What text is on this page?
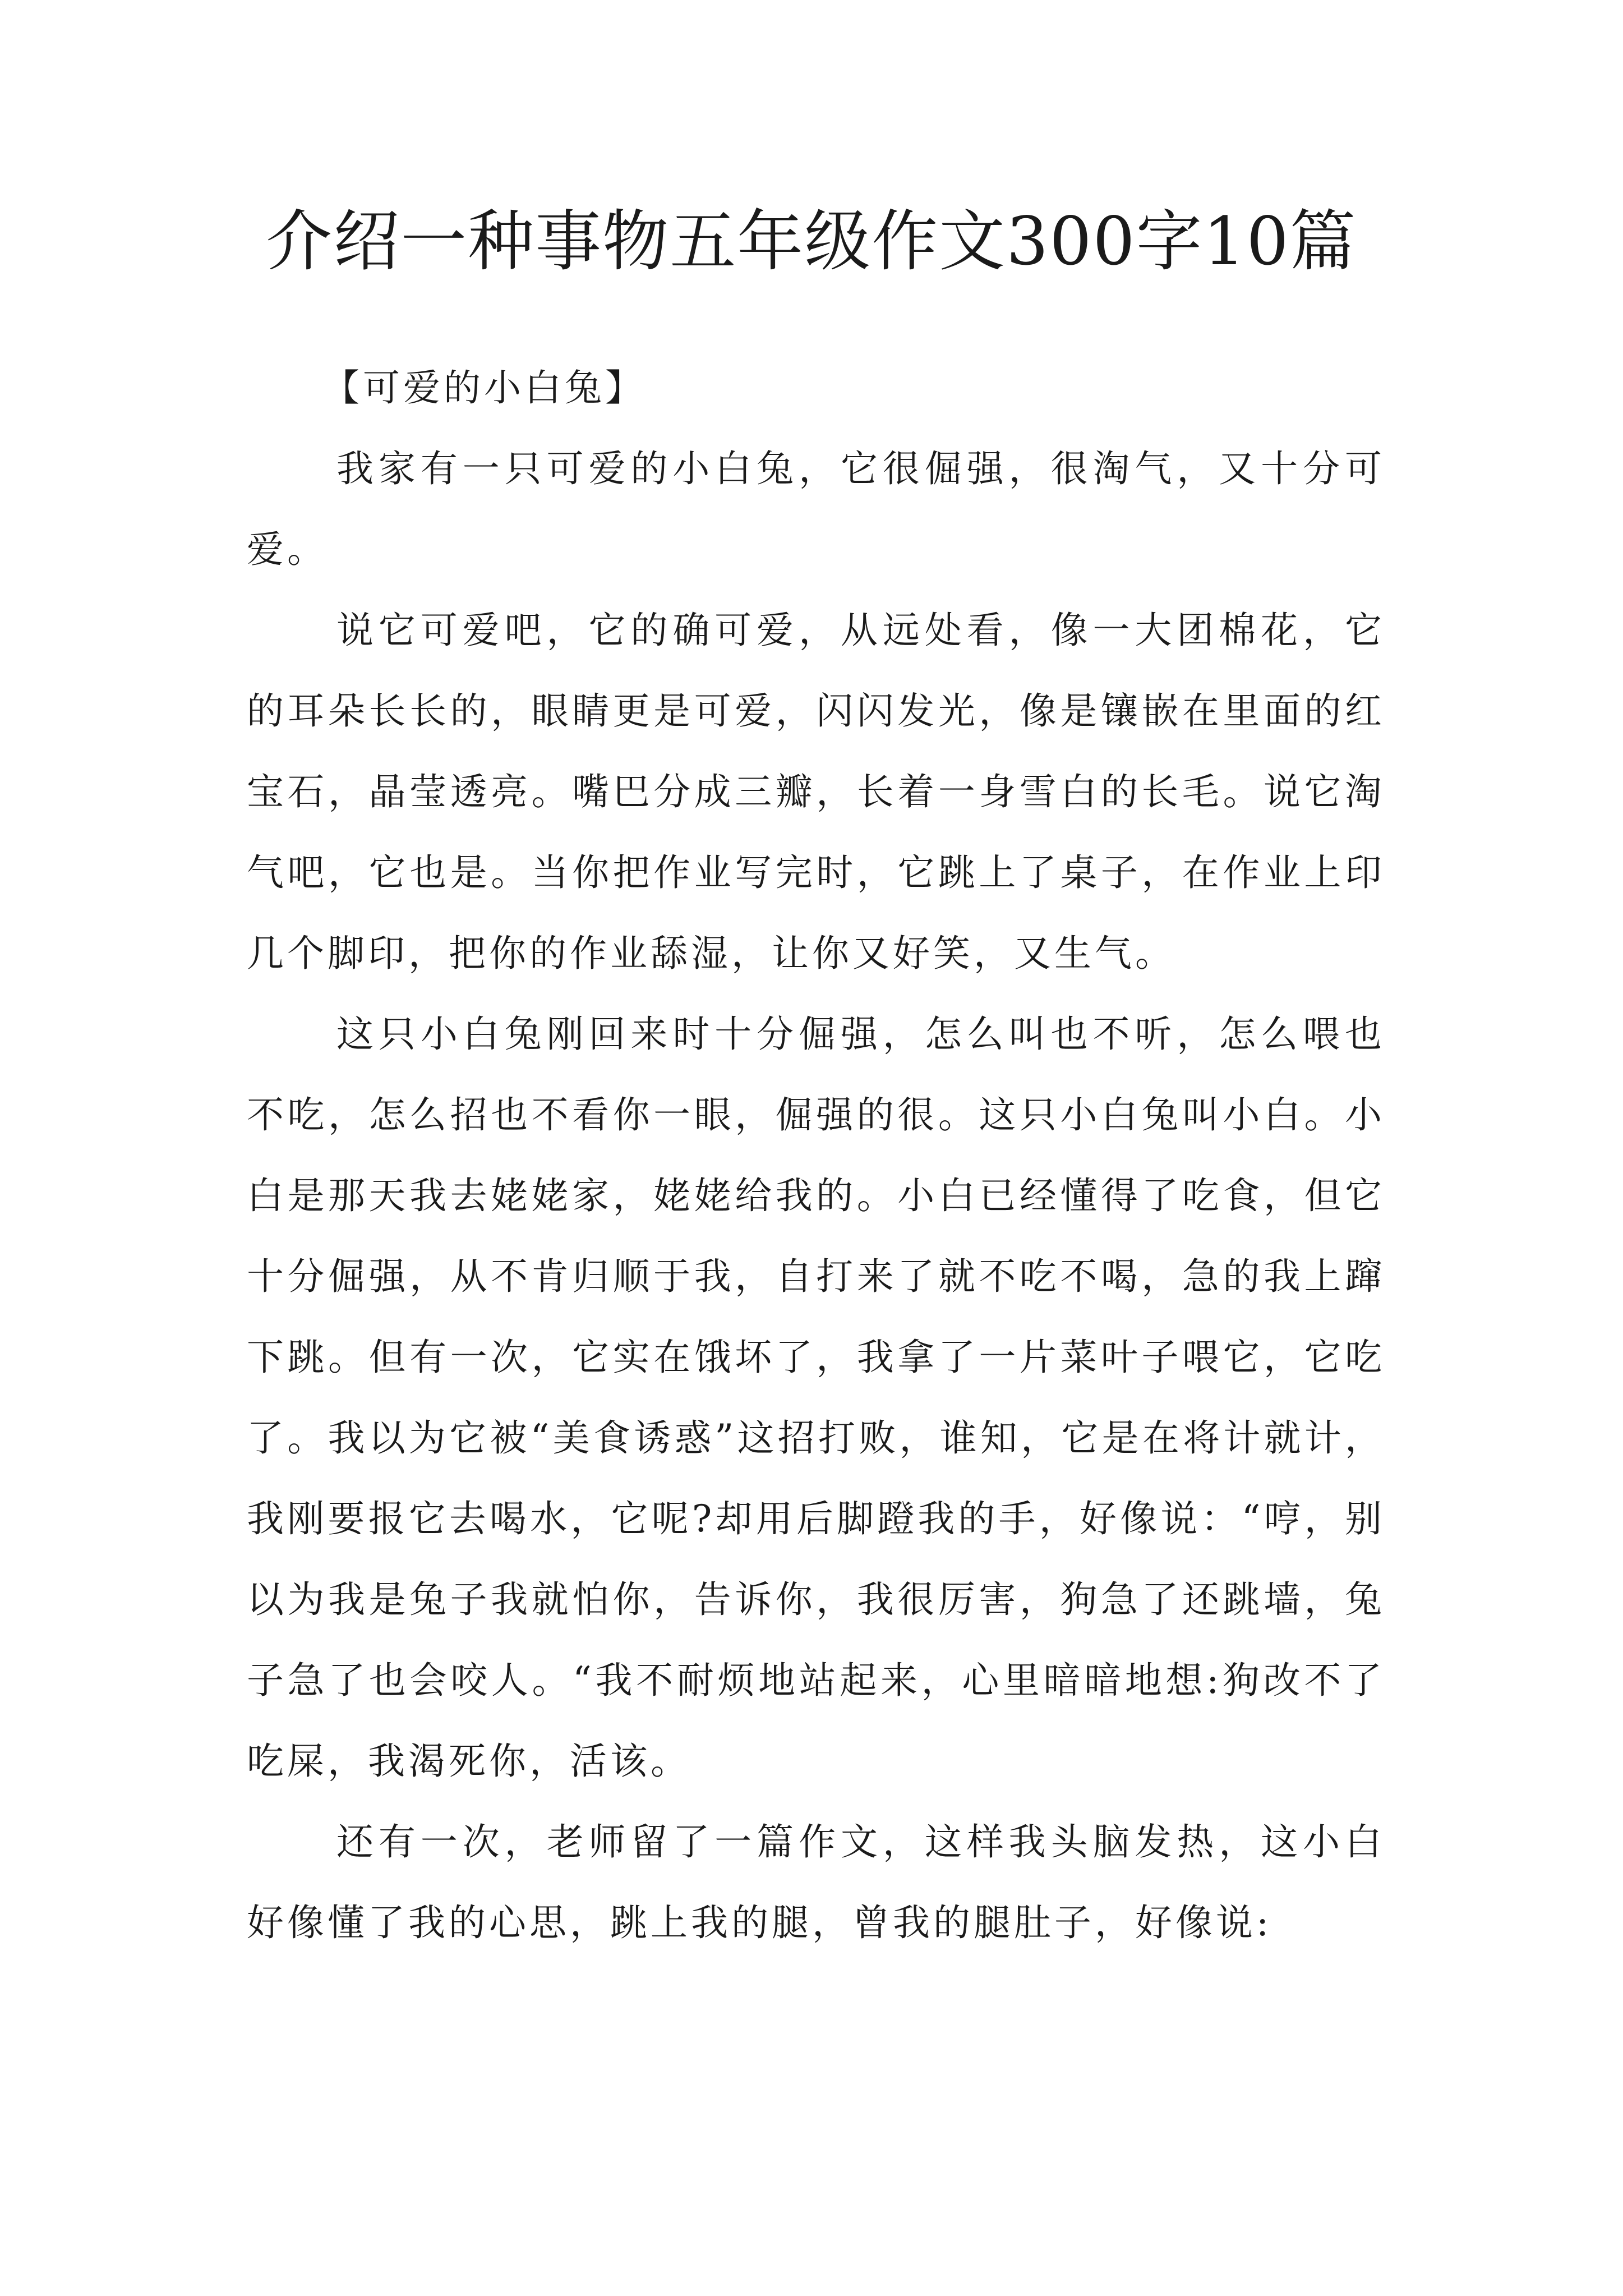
介绍一种事物五年级作文300字10篇

【可爱的小白兔】

我家有一只可爱的小白兔，它很倔强，很淘气，又十分可爱。

说它可爱吧，它的确可爱，从远处看，像一大团棉花，它的耳朵长长的，眼睛更是可爱，闪闪发光，像是镶嵌在里面的红宝石，晶莹透亮。嘴巴分成三瓣，长着一身雪白的长毛。说它淘气吧，它也是。当你把作业写完时，它跳上了桌子，在作业上印几个脚印，把你的作业舔湿，让你又好笑，又生气。

这只小白兔刚回来时十分倔强，怎么叫也不听，怎么喂也不吃，怎么招也不看你一眼，倔强的很。这只小白兔叫小白。小白是那天我去姥姥家，姥姥给我的。小白已经懂得了吃食，但它十分倔强，从不肯归顺于我，自打来了就不吃不喝，急的我上蹿下跳。但有一次，它实在饿坏了，我拿了一片菜叶子喂它，它吃了。我以为它被“美食诱惑”这招打败，谁知，它是在将计就计，我刚要报它去喝水，它呢?却用后脚蹬我的手，好像说：“哼，别以为我是兔子我就怕你，告诉你，我很厉害，狗急了还跳墙，兔子急了也会咬人。“我不耐烦地站起来，心里暗暗地想:狗改不了吃屎，我渴死你，活该。

还有一次，老师留了一篇作文，这样我头脑发热，这小白好像懂了我的心思，跳上我的腿，曾我的腿肚子，好像说:
